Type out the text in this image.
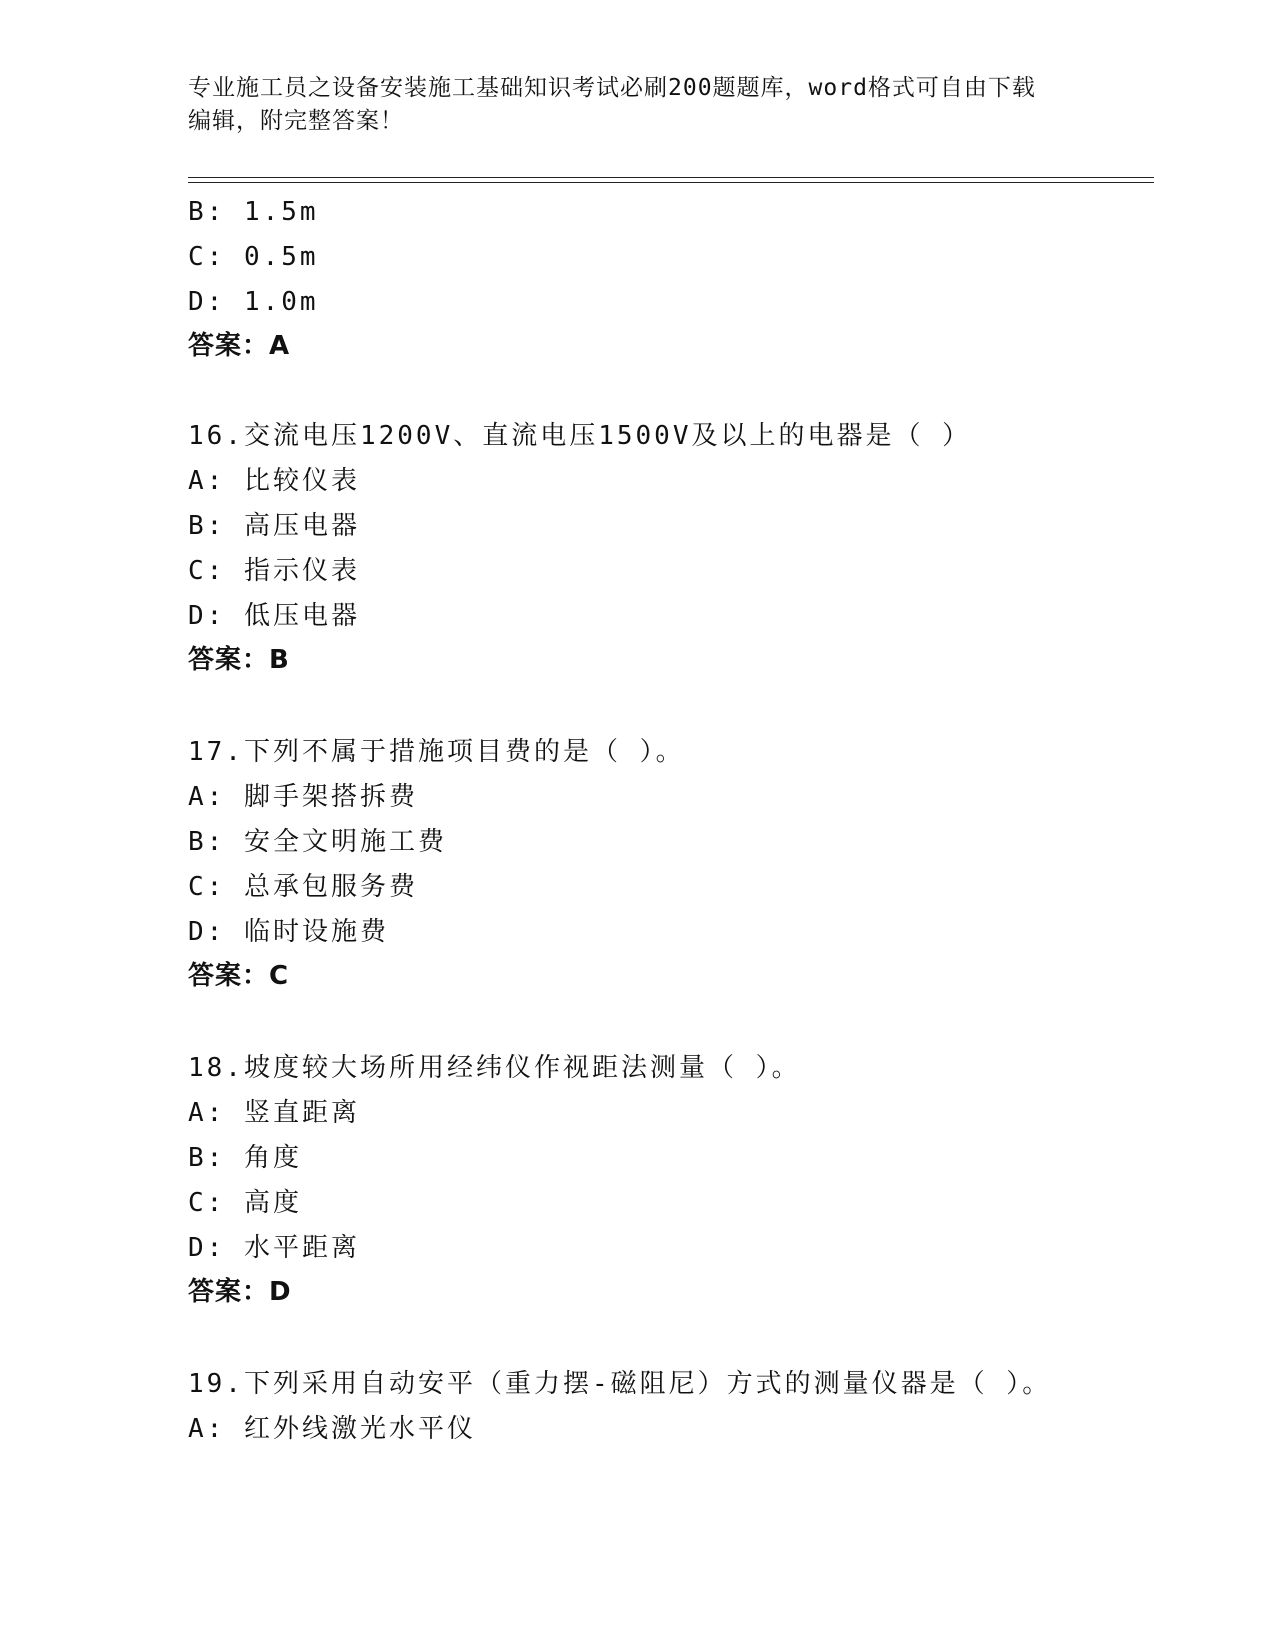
专业施工员之设备安装施工基础知识考试必刷200题题库，word格式可自由下载
编辑，附完整答案！
B: 1.5m
C: 0.5m
D: 1.0m
答案：A
16.交流电压1200V、直流电压1500V及以上的电器是（ ）
A: 比较仪表
B: 高压电器
C: 指示仪表
D: 低压电器
答案：B
17.下列不属于措施项目费的是（ ）。
A: 脚手架搭拆费
B: 安全文明施工费
C: 总承包服务费
D: 临时设施费
答案：C
18.坡度较大场所用经纬仪作视距法测量（ ）。
A: 竖直距离
B: 角度
C: 高度
D: 水平距离
答案：D
19.下列采用自动安平（重力摆-磁阻尼）方式的测量仪器是（ ）。
A: 红外线激光水平仪
